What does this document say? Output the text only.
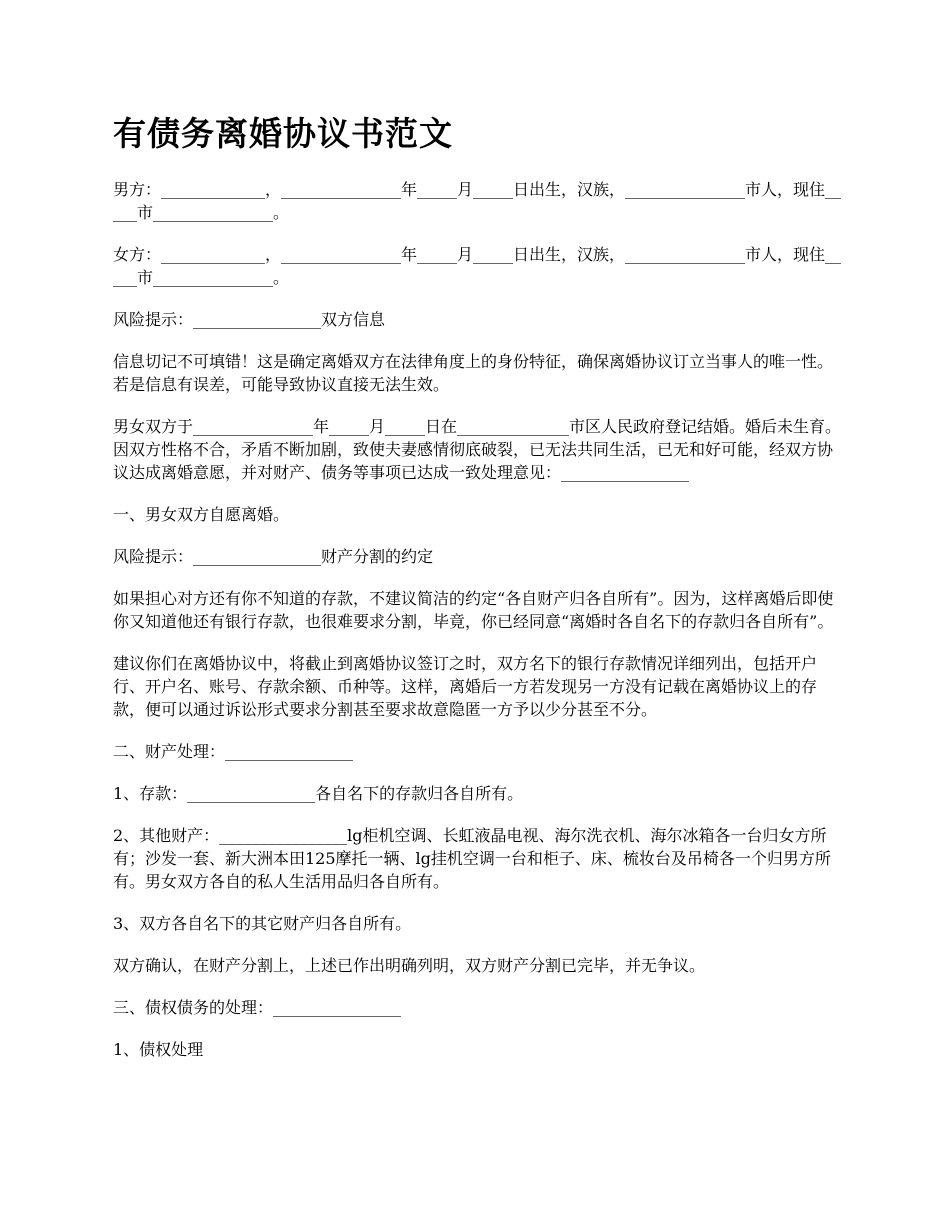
有债务离婚协议书范文

男方：_____________，_______________年_____月_____日出生，汉族，_______________市人，现住_____市_______________。

女方：_____________，_______________年_____月_____日出生，汉族，_______________市人，现住_____市_______________。

风险提示：________________双方信息

信息切记不可填错！这是确定离婚双方在法律角度上的身份特征，确保离婚协议订立当事人的唯一性。若是信息有误差，可能导致协议直接无法生效。

男女双方于_______________年_____月_____日在______________市区人民政府登记结婚。婚后未生育。因双方性格不合，矛盾不断加剧，致使夫妻感情彻底破裂，已无法共同生活，已无和好可能，经双方协议达成离婚意愿，并对财产、债务等事项已达成一致处理意见：________________

一、男女双方自愿离婚。

风险提示：________________财产分割的约定

如果担心对方还有你不知道的存款，不建议简洁的约定“各自财产归各自所有”。因为，这样离婚后即使你又知道他还有银行存款，也很难要求分割，毕竟，你已经同意“离婚时各自名下的存款归各自所有”。

建议你们在离婚协议中，将截止到离婚协议签订之时，双方名下的银行存款情况详细列出，包括开户行、开户名、账号、存款余额、币种等。这样，离婚后一方若发现另一方没有记载在离婚协议上的存款，便可以通过诉讼形式要求分割甚至要求故意隐匿一方予以少分甚至不分。

二、财产处理：________________

1、存款：________________各自名下的存款归各自所有。

2、其他财产：________________lg柜机空调、长虹液晶电视、海尔洗衣机、海尔冰箱各一台归女方所有；沙发一套、新大洲本田125摩托一辆、lg挂机空调一台和柜子、床、梳妆台及吊椅各一个归男方所有。男女双方各自的私人生活用品归各自所有。

3、双方各自名下的其它财产归各自所有。

双方确认，在财产分割上，上述已作出明确列明，双方财产分割已完毕，并无争议。

三、债权债务的处理：________________

1、债权处理
